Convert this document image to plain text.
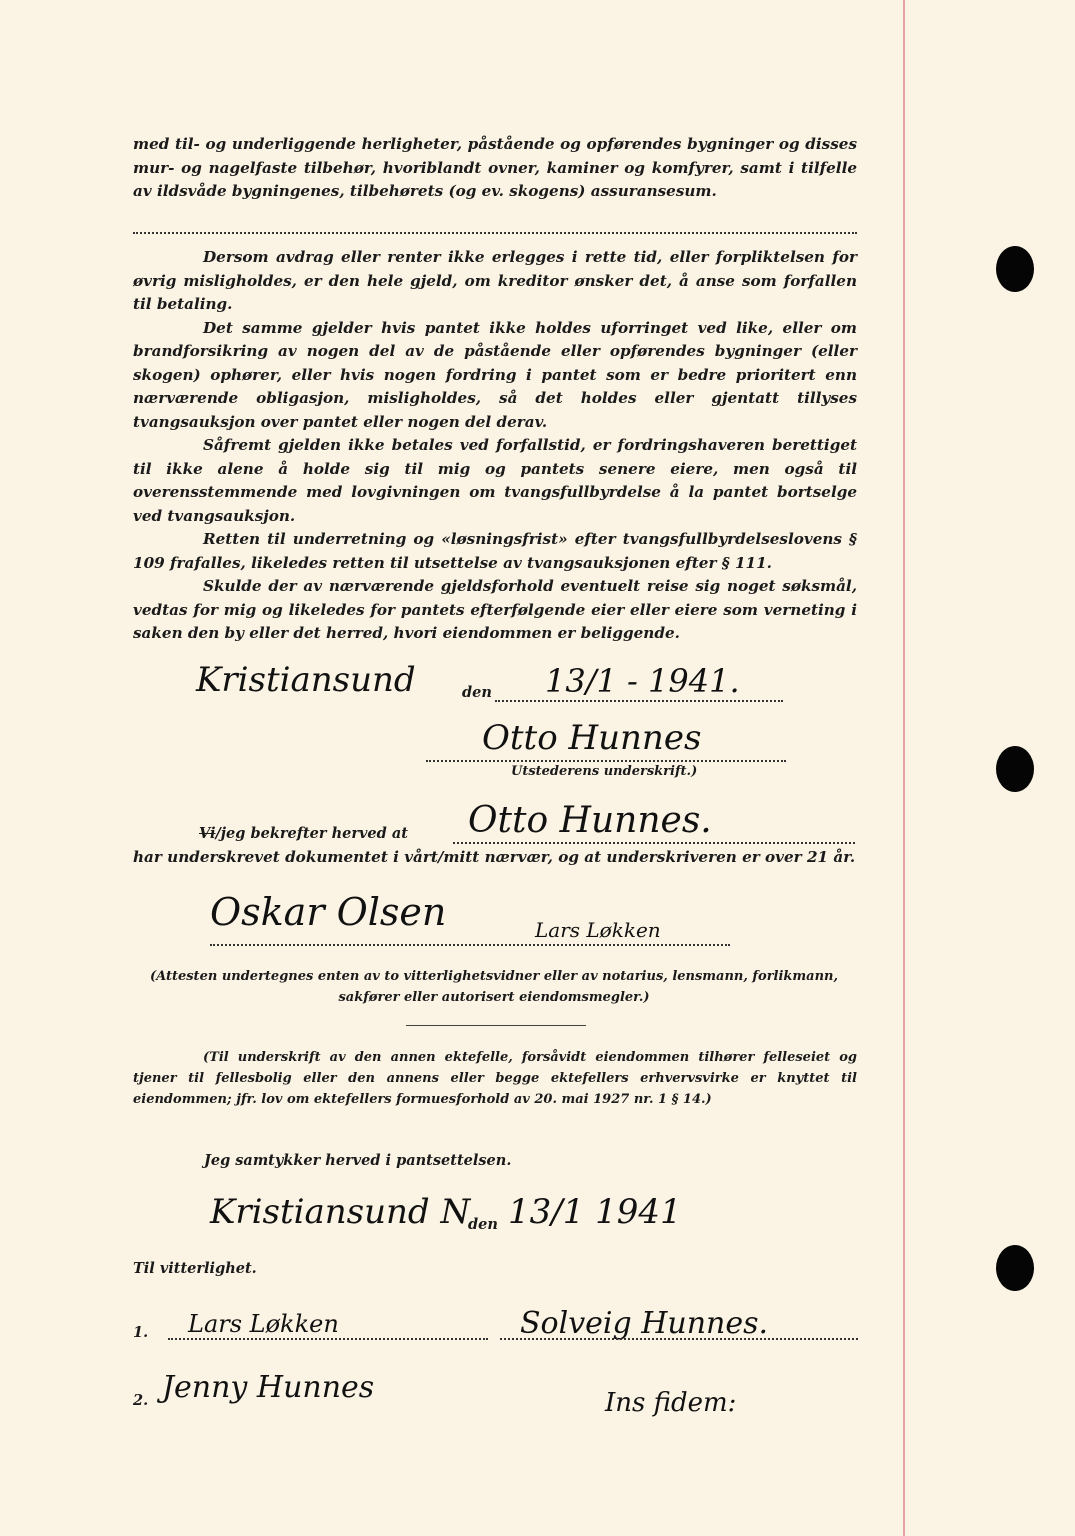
med til- og underliggende herligheter, påstående og opførendes bygninger og disses mur- og nagelfaste tilbehør, hvoriblandt ovner, kaminer og komfyrer, samt i tilfelle av ildsvåde bygningenes, tilbehørets (og ev. skogens) assuransesum.

Dersom avdrag eller renter ikke erlegges i rette tid, eller forpliktelsen for øvrig misligholdes, er den hele gjeld, om kreditor ønsker det, å anse som forfallen til betaling.

Det samme gjelder hvis pantet ikke holdes uforringet ved like, eller om brandforsikring av nogen del av de påstående eller opførendes bygninger (eller skogen) ophører, eller hvis nogen fordring i pantet som er bedre prioritert enn nærværende obligasjon, misligholdes, så det holdes eller gjentatt tillyses tvangsauksjon over pantet eller nogen del derav.

Såfremt gjelden ikke betales ved forfallstid, er fordringshaveren berettiget til ikke alene å holde sig til mig og pantets senere eiere, men også til overensstemmende med lovgivningen om tvangsfullbyrdelse å la pantet bortselge ved tvangsauksjon.

Retten til underretning og «løsningsfrist» efter tvangsfullbyrdelseslovens § 109 frafalles, likeledes retten til utsettelse av tvangsauksjonen efter § 111.

Skulde der av nærværende gjeldsforhold eventuelt reise sig noget søksmål, vedtas for mig og likeledes for pantets efterfølgende eier eller eiere som verneting i saken den by eller det herred, hvori eiendommen er beliggende.

Kristiansund	den 13/1 - 1941.
Otto Hunnes
Utstederens underskrift.)
Vi/jeg bekrefter herved at Otto Hunnes.

har underskrevet dokumentet i vårt/mitt nærvær, og at underskriveren er over 21 år.

Oskar Olsen	Lars Løkken

(Attesten undertegnes enten av to vitterlighetsvidner eller av notarius, lensmann, forlikmann, sakfører eller autorisert eiendomsmegler.)

(Til underskrift av den annen ektefelle, forsåvidt eiendommen tilhører felleseiet og tjener til fellesbolig eller den annens eller begge ektefellers erhvervsvirke er knyttet til eiendommen; jfr. lov om ektefellers formuesforhold av 20. mai 1927 nr. 1 § 14.)

Jeg samtykker herved i pantsettelsen.
Kristiansund N
den 13/1 1941
Til vitterlighet.
1. Lars Løkken	Solveig Hunnes.
2. Jenny Hunnes	Ins fidem:
